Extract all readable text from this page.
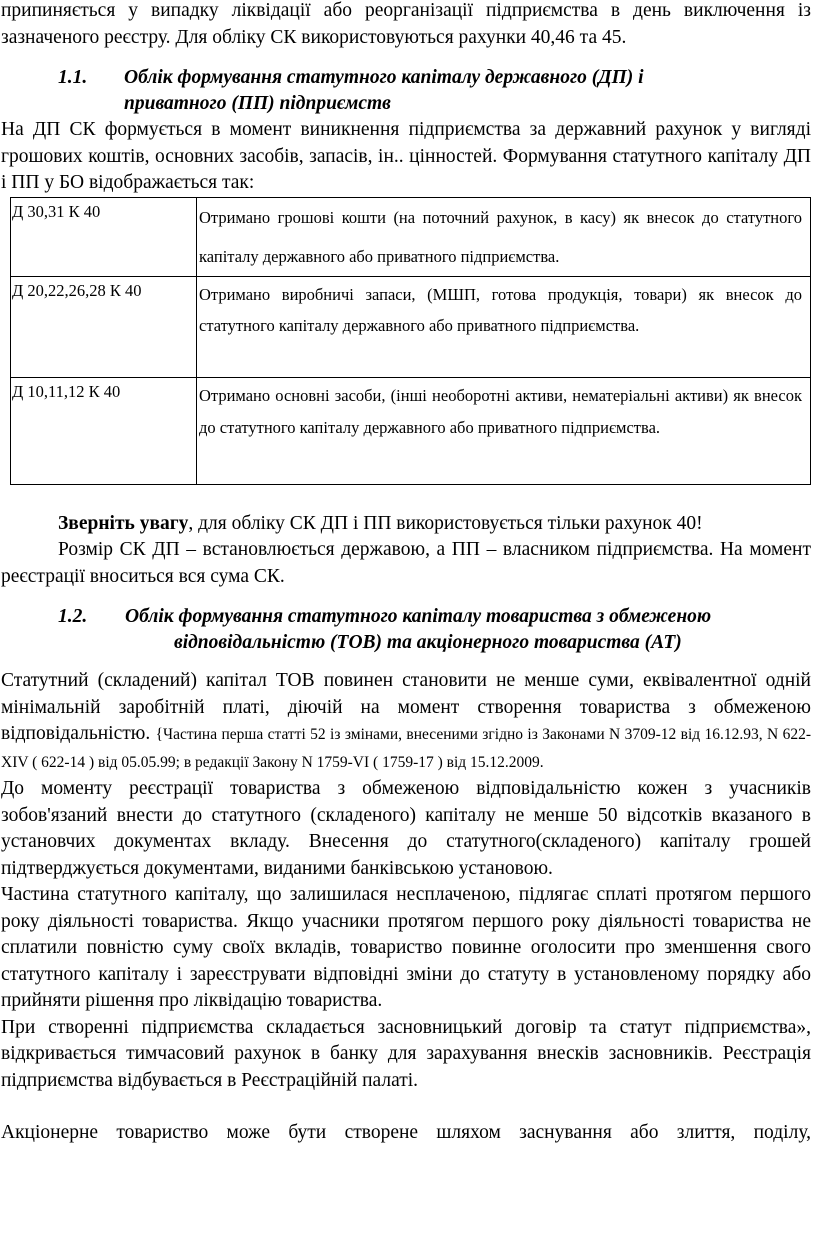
припиняється у випадку ліквідації або реорганізації підприємства в день виключення із зазначеного реєстру. Для обліку СК використовуються рахунки 40,46 та 45.

1.1.	Облік формування статутного капіталу державного (ДП) і
приватного (ПП) підприємств

На ДП СК формується в момент виникнення підприємства за державний рахунок у вигляді грошових коштів, основних засобів, запасів, ін.. цінностей. Формування статутного капіталу ДП і ПП у БО відображається так:

Д 30,31 К 40	Отримано грошові кошти (на поточний рахунок, в касу) як внесок до статутного капіталу державного або приватного підприємства.
Д 20,22,26,28 К 40	Отримано виробничі запаси, (МШП, готова продукція, товари) як внесок до статутного капіталу державного або приватного підприємства.
Д 10,11,12 К 40	Отримано основні засоби, (інші необоротні активи, нематеріальні активи) як внесок до статутного капіталу державного або приватного підприємства.

Зверніть увагу, для обліку СК ДП і ПП використовується тільки рахунок 40!

Розмір СК ДП – встановлюється державою, а ПП – власником підприємства. На момент реєстрації вноситься вся сума СК.

1.2.	Облік формування статутного капіталу товариства з обмеженою
відповідальністю (ТОВ) та акціонерного товариства (АТ)

Статутний (складений) капітал ТОВ повинен становити не менше суми, еквівалентної одній мінімальній заробітній платі, діючій на момент створення товариства з обмеженою відповідальністю. {Частина перша статті 52 із змінами, внесеними згідно із Законами N 3709-12 від 16.12.93, N 622-XIV ( 622-14 ) від 05.05.99; в редакції Закону N 1759-VI ( 1759-17 ) від 15.12.2009.

До моменту реєстрації товариства з обмеженою відповідальністю кожен з учасників зобов'язаний внести до статутного (складеного) капіталу не менше 50 відсотків вказаного в установчих документах вкладу. Внесення до статутного(складеного) капіталу грошей підтверджується документами, виданими банківською установою.

Частина статутного капіталу, що залишилася несплаченою, підлягає сплаті протягом першого року діяльності товариства. Якщо учасники протягом першого року діяльності товариства не сплатили повністю суму своїх вкладів, товариство повинне оголосити про зменшення свого статутного капіталу і зареєструвати відповідні зміни до статуту в установленому порядку або прийняти рішення про ліквідацію товариства.

При створенні підприємства складається засновницький договір та статут підприємства», відкривається тимчасовий рахунок в банку для зарахування внесків засновників. Реєстрація підприємства відбувається в Реєстраційній палаті.

Акціонерне товариство може бути створене шляхом заснування або злиття, поділу,
